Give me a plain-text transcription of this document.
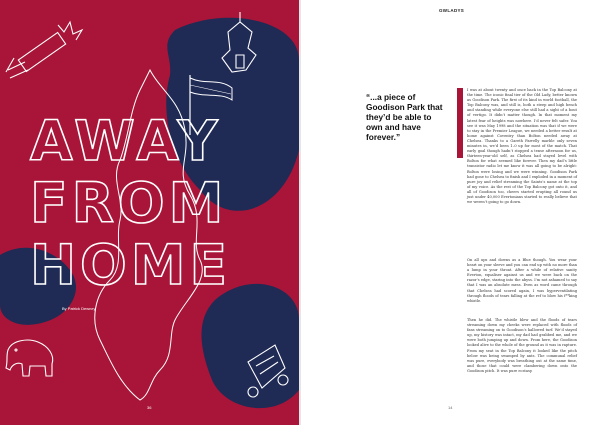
AWAY
FROM
HOME
By Patrick Dewney
36
GWLADYS

“...a piece of Goodison Park that they’d be able to own and have forever.”

I was at about twenty and once back in the Top Balcony at the time. The iconic final tier of the Old Lady, better known as Goodison Park. The first of its kind in world football, the Top Balcony was, and still is, both a steep and high bench and standing while everyone else still had a sight of a bout of vertigo. It didn’t matter though. In that moment my latest fear of heights was nowhere. I’d never felt safer. You see it was May 1998 and the situation was that if we were to stay in the Premier League, we needed a better result at home against Coventry than Bolton needed away at Chelsea. Thanks to a Gareth Farrelly marble only seven minutes in, we’d been 1–0 up for most of the match. That early goal though hadn’t stopped a tense afternoon for us, thirteen-year-old self, as Chelsea had stayed level with Bolton for what seemed like forever. Then my dad’s little transistor radio let me know it was all going to be alright: Bolton were losing and we were winning. Goodison Park had gone to Chelsea to finish and I exploded in a moment of pure joy and relief streaming the Saints’s name at the top of my voice. As the rest of the Top Balcony got onto it, and all of Goodison too, cheers started erupting all round us just under 40,000 Evertonians started to really believe that we weren’t going to go down.

On all ups and downs as a Blue though. You wear your heart on your sleeve and you can end up with no more than a lump in your throat. After a while of relative sanity Everton, equaliser against us and we were back on the razor’s edge, staring into the abyss. I’m not ashamed to say that I was an absolute mess. Even as word came through that Chelsea had scored again, I was hyperventilating through floods of tears falling at the ref to blow his f**king whistle.

Then he did. The whistle blew and the floods of tears streaming down my cheeks were replaced with floods of fans streaming on to Goodison’s hallowed turf. We’d stayed up, my history was intact, my dad had grabbed me, and we were both jumping up and down. From here, the Goodison looked alive to the whole of the ground as it was in rapture. From my seat in the Top Balcony it looked like the pitch below was being swamped by ants. The communal relief was pure, everybody was breathing out at the same time, and those that could were clambering down onto the Goodison pitch. It was pure ecstasy.

14
